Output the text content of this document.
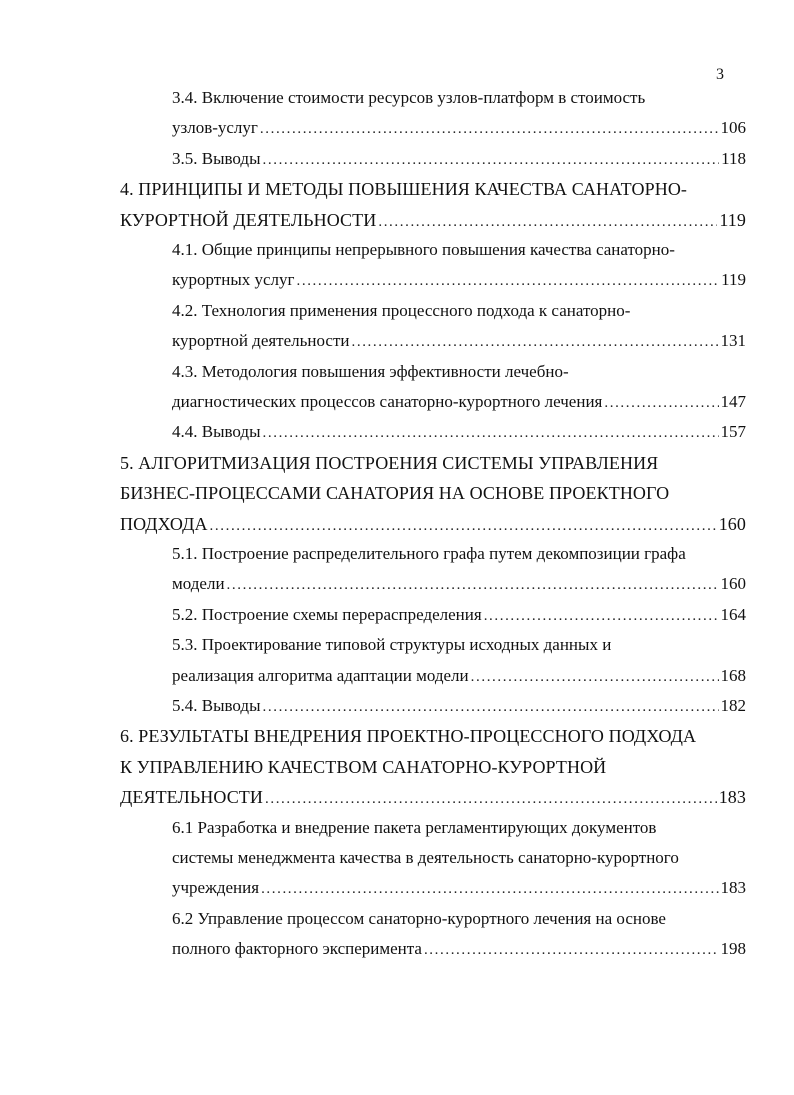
3
3.4. Включение стоимости ресурсов узлов-платформ в стоимость
узлов-услуг .....	106
3.5. Выводы .....	118
4. ПРИНЦИПЫ И МЕТОДЫ ПОВЫШЕНИЯ КАЧЕСТВА САНАТОРНО-
КУРОРТНОЙ ДЕЯТЕЛЬНОСТИ .....	119
4.1. Общие принципы непрерывного повышения качества санаторно-
курортных услуг .....	119
4.2. Технология применения процессного подхода к санаторно-
курортной деятельности .....	131
4.3. Методология повышения эффективности лечебно-
диагностических процессов санаторно-курортного лечения .....	147
4.4. Выводы .....	157
5. АЛГОРИТМИЗАЦИЯ ПОСТРОЕНИЯ СИСТЕМЫ УПРАВЛЕНИЯ
БИЗНЕС-ПРОЦЕССАМИ САНАТОРИЯ НА ОСНОВЕ ПРОЕКТНОГО
ПОДХОДА .....	160
5.1. Построение распределительного графа путем декомпозиции графа
модели .....	160
5.2. Построение схемы перераспределения .....	164
5.3. Проектирование типовой структуры исходных данных и
реализация алгоритма адаптации модели .....	168
5.4. Выводы .....	182
6. РЕЗУЛЬТАТЫ ВНЕДРЕНИЯ ПРОЕКТНО-ПРОЦЕССНОГО ПОДХОДА
К УПРАВЛЕНИЮ КАЧЕСТВОМ САНАТОРНО-КУРОРТНОЙ
ДЕЯТЕЛЬНОСТИ .....	183
6.1 Разработка и внедрение пакета регламентирующих документов
системы менеджмента качества в деятельность санаторно-курортного
учреждения .....	183
6.2 Управление процессом санаторно-курортного лечения на основе
полного факторного эксперимента .....	198
